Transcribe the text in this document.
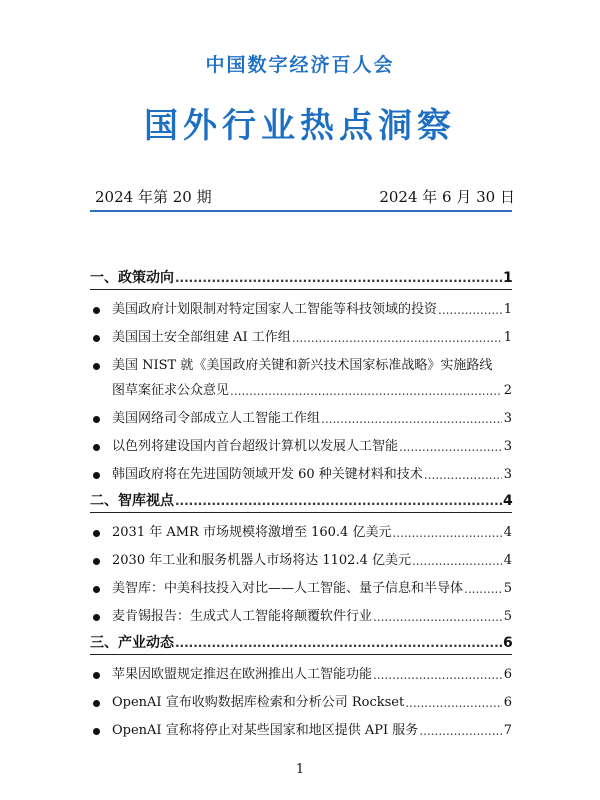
中国数字经济百人会
国外行业热点洞察
2024 年第 20 期	2024 年 6 月 30 日
一、政策动向 .....	1
美国政府计划限制对特定国家人工智能等科技领域的投资 .....	1
美国国土安全部组建 AI 工作组 .....	1
美国 NIST 就《美国政府关键和新兴技术国家标准战略》实施路线
图草案征求公众意见 .....	2
美国网络司令部成立人工智能工作组 .....	3
以色列将建设国内首台超级计算机以发展人工智能 .....	3
韩国政府将在先进国防领域开发 60 种关键材料和技术 .....	3
二、智库视点 .....	4
2031 年 AMR 市场规模将激增至 160.4 亿美元 .....	4
2030 年工业和服务机器人市场将达 1102.4 亿美元 .....	4
美智库：中美科技投入对比——人工智能、量子信息和半导体 .....	5
麦肯锡报告：生成式人工智能将颠覆软件行业 .....	5
三、产业动态 .....	6
苹果因欧盟规定推迟在欧洲推出人工智能功能 .....	6
OpenAI 宣布收购数据库检索和分析公司 Rockset .....	6
OpenAI 宣称将停止对某些国家和地区提供 API 服务 .....	7
1
